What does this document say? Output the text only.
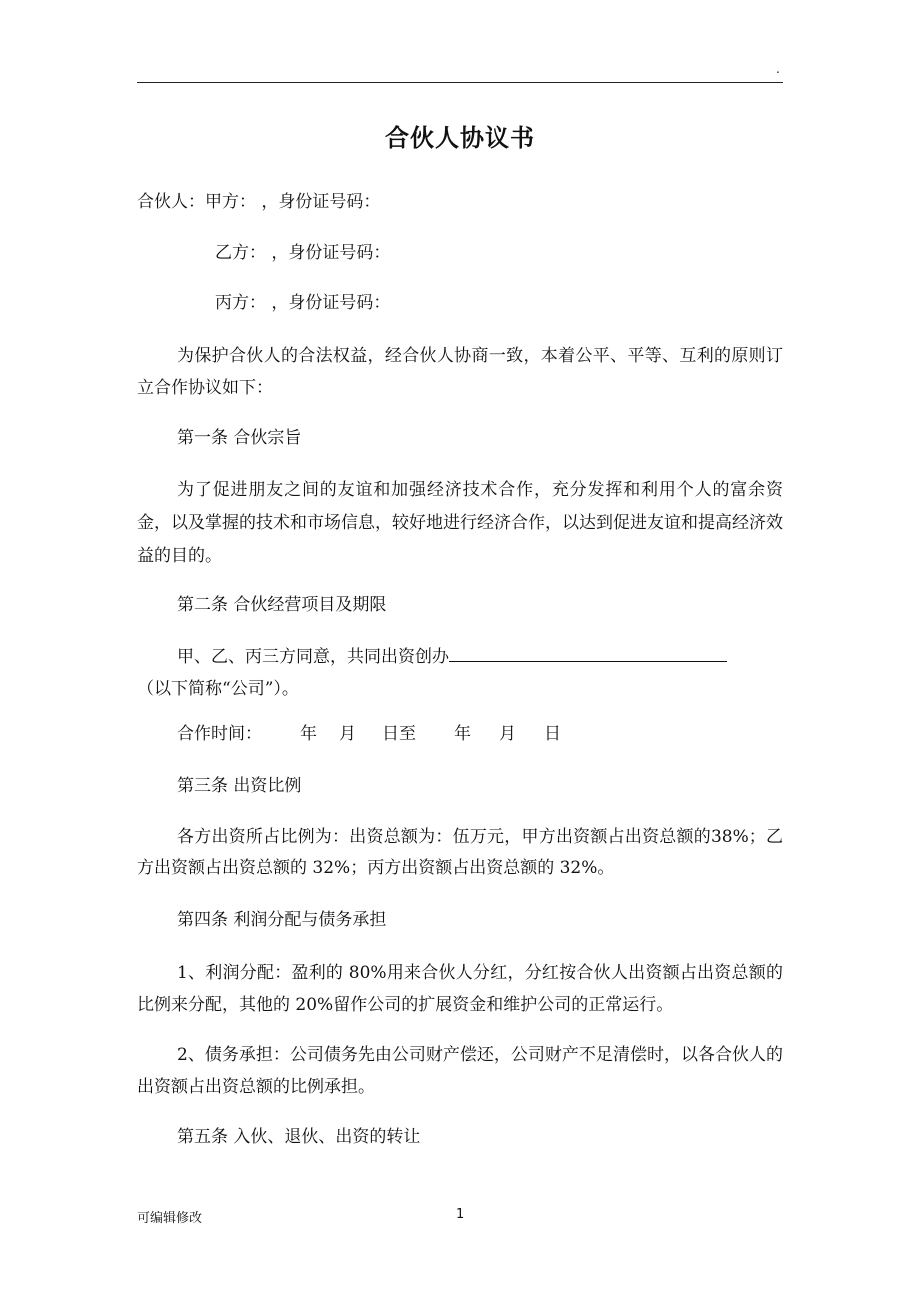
.
合伙人协议书
合伙人：甲方： ，身份证号码：
乙方： ，身份证号码：
丙方： ，身份证号码：
为保护合伙人的合法权益，经合伙人协商一致，本着公平、平等、互利的原则订立合作协议如下：
第一条 合伙宗旨
为了促进朋友之间的友谊和加强经济技术合作，充分发挥和利用个人的富余资金，以及掌握的技术和市场信息，较好地进行经济合作，以达到促进友谊和提高经济效益的目的。
第二条 合伙经营项目及期限
甲、乙、丙三方同意，共同出资创办
（以下简称“公司”）。
合作时间： 年 月 日至 年 月 日
第三条 出资比例
各方出资所占比例为：出资总额为：伍万元，甲方出资额占出资总额的38%；乙方出资额占出资总额的 32%；丙方出资额占出资总额的 32%。
第四条 利润分配与债务承担
1、利润分配：盈利的 80%用来合伙人分红，分红按合伙人出资额占出资总额的比例来分配，其他的 20%留作公司的扩展资金和维护公司的正常运行。
2、债务承担：公司债务先由公司财产偿还，公司财产不足清偿时，以各合伙人的出资额占出资总额的比例承担。
第五条 入伙、退伙、出资的转让
可编辑修改	1
